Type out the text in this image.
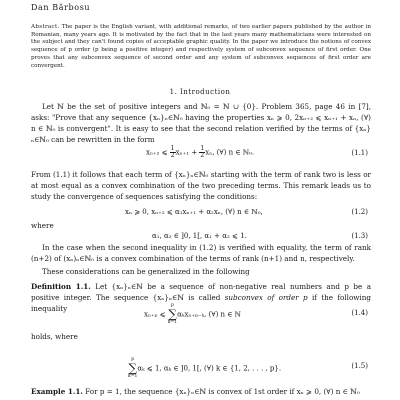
Dan Bărbosu
Abstract. The paper is the English variant, with additional remarks, of two earlier papers published by the author in Romanian, many years ago. It is motivated by the fact that in the last years many mathematicians were interested on the subject and they can't found copies of acceptable graphic quality. In the paper we introduce the notions of convex sequence of p order (p being a positive integer) and respectively system of subconvex sequence of first order. One proves that any subconvex sequence of second order and any system of subconvex sequences of first order are convergent.
1. Introduction
Let ℕ be the set of positive integers and ℕ₀ = ℕ ∪ {0}. Problem 365, page 46 in [7], asks: "Prove that any sequence {xₙ}ₙ∈ℕ₀ having the properties xₙ ⩾ 0, 2xₙ₊₂ ⩽ xₙ₊₁ + xₙ, (∀) n ∈ ℕ₀ is convergent". It is easy to see that the second relation verified by the terms of {xₙ}ₙ∈ℕ₀ can be rewritten in the form
xₙ₊₂ ⩽ $\frac{1}{2} x_{n+1} + \frac{1}{2} x_n$, (∀) n ∈ ℕ₀.	(1.1)
From (1.1) it follows that each term of {xₙ}ₙ∈ℕ₀ starting with the term of rank two is less or at most equal as a convex combination of the two preceding terms. This remark leads us to study the convergence of sequences satisfying the conditions:
xₙ ⩾ 0, xₙ₊₂ ⩽ α₁xₙ₊₁ + α₂xₙ, (∀) n ∈ ℕ₀,	(1.2)
where
α₁, α₂ ∈ ]0, 1[, α₁ + α₂ ⩽ 1.	(1.3)
In the case when the second inequality in (1.2) is verified with equality, the term of rank (n+2) of (xₙ)ₙ∈ℕ₀ is a convex combination of the terms of rank (n+1) and n, respectively.
These considerations can be generalized in the following
Definition 1.1. Let {xₙ}ₙ∈ℕ be a sequence of non-negative real numbers and p be a positive integer. The sequence {xₙ}ₙ∈ℕ is called subconvex of order p if the following inequality
xₙ₊ₚ ⩽
p
∑
k=1
αₖxₙ₊ₚ₋ₖ, (∀) n ∈ ℕ	(1.4)
holds, where
p
∑
k=1
αₖ ⩽ 1, αₖ ∈ ]0, 1[, (∀) k ∈ {1, 2, . . . , p}.	(1.5)
Example 1.1. For p = 1, the sequence {xₙ}ₙ∈ℕ is convex of 1st order if xₙ ⩾ 0, (∀) n ∈ ℕ₀
